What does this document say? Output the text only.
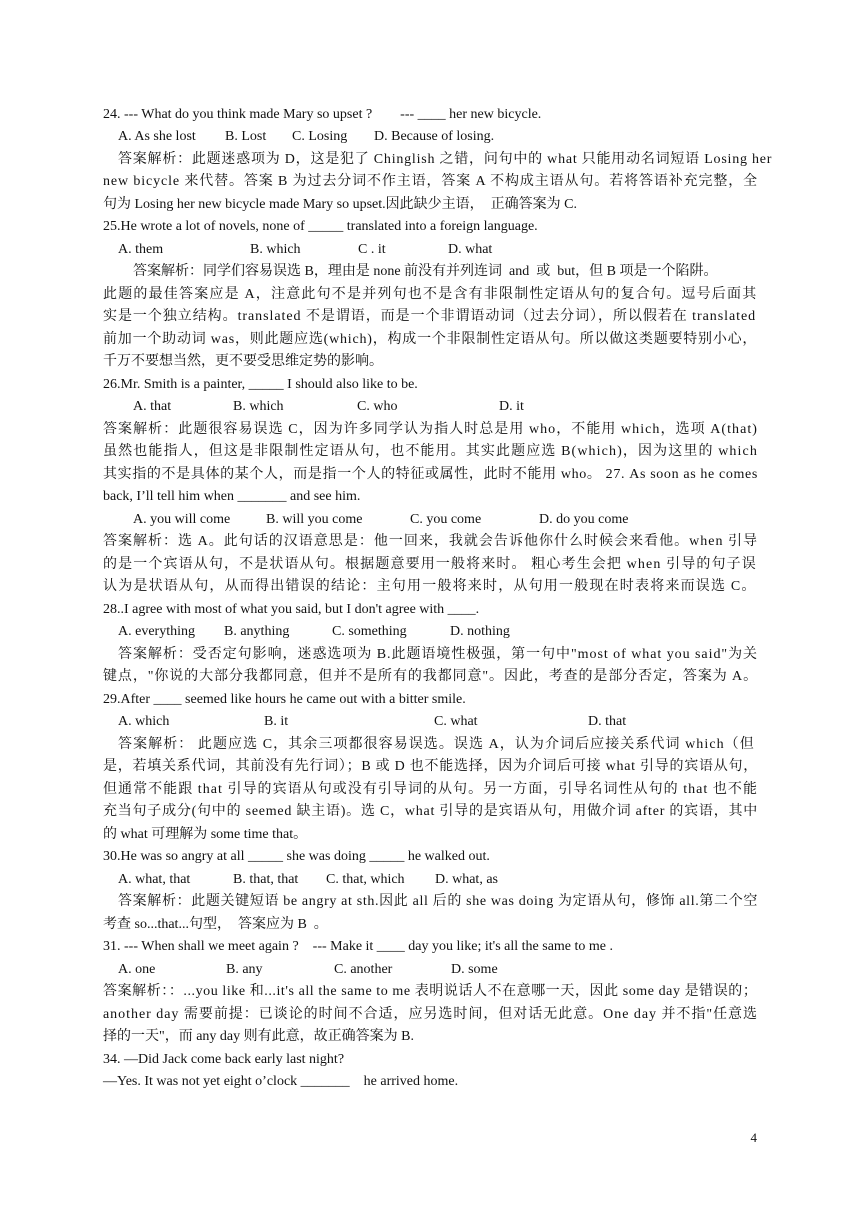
24. --- What do you think made Mary so upset ?        --- ____ her new bicycle.

A. As she lost

B. Lost

C. Losing

D. Because of losing.

答案解析：此题迷惑项为 D，这是犯了 Chinglish 之错，问句中的 what 只能用动名词短语 Losing her
new bicycle 来代替。答案 B 为过去分词不作主语，答案 A 不构成主语从句。若将答语补充完整，全
句为 Losing her new bicycle made Mary so upset.因此缺少主语，  正确答案为 C.
25.He wrote a lot of novels, none of _____ translated into a foreign language.

A. them

	B. which

	C . it

	D. what

答案解析：同学们容易误选 B，理由是 none 前没有并列连词  and  或  but，但 B 项是一个陷阱。
此题的最佳答案应是 A，注意此句不是并列句也不是含有非限制性定语从句的复合句。逗号后面其
实是一个独立结构。translated 不是谓语，而是一个非谓语动词（过去分词），所以假若在 translated
前加一个助动词 was，则此题应选(which)，构成一个非限制性定语从句。所以做这类题要特别小心，
千万不要想当然，更不要受思维定势的影响。
26.Mr. Smith is a painter, _____ I should also like to be.

A. that

	B. which

	C. who

	D. it

答案解析：此题很容易误选 C，因为许多同学认为指人时总是用 who，不能用 which，选项 A(that)
虽然也能指人，但这是非限制性定语从句，也不能用。其实此题应选 B(which)，因为这里的 which
其实指的不是具体的某个人，而是指一个人的特征或属性，此时不能用 who。 27. As soon as he comes
back, I’ll tell him when _______ and see him.

A. you will come

	B. will you come

	C. you come

	D. do you come

答案解析：选 A。此句话的汉语意思是：他一回来，我就会告诉他你什么时候会来看他。when 引导
的是一个宾语从句，不是状语从句。根据题意要用一般将来时。 粗心考生会把 when 引导的句子误
认为是状语从句，从而得出错误的结论：主句用一般将来时，从句用一般现在时表将来而误选 C。
28..I agree with most of what you said, but I don't agree with ____.

A. everything

B. anything

	C. something

	D. nothing

答案解析：受否定句影响，迷惑选项为 B.此题语境性极强，第一句中"most of what you said"为关
键点，"你说的大部分我都同意，但并不是所有的我都同意"。因此，考查的是部分否定，答案为 A。
29.After ____ seemed like hours he came out with a bitter smile.

A. which

	B. it

	C. what

	D. that

答案解析： 此题应选 C，其余三项都很容易误选。误选 A，认为介词后应接关系代词 which（但
是，若填关系代词，其前没有先行词）；B 或 D 也不能选择，因为介词后可接 what 引导的宾语从句，
但通常不能跟 that 引导的宾语从句或没有引导词的从句。另一方面，引导名词性从句的 that 也不能
充当句子成分(句中的 seemed 缺主语)。选 C，what 引导的是宾语从句，用做介词 after 的宾语，其中
的 what 可理解为 some time that。
30.He was so angry at all _____ she was doing _____ he walked out.

A. what, that

	B. that, that

C. that, which

D. what, as

答案解析：此题关键短语 be angry at sth.因此 all 后的 she was doing 为定语从句，修饰 all.第二个空
考查 so...that...句型，  答案应为 B  。
31. --- When shall we meet again ?    --- Make it ____ day you like; it's all the same to me .

A. one

	B. any

	C. another

	D. some

答案解析：：...you like 和...it's all the same to me 表明说话人不在意哪一天，因此 some day 是错误的；
another day 需要前提：已谈论的时间不合适，应另选时间，但对话无此意。One day 并不指"任意选
择的一天"，而 any day 则有此意，故正确答案为 B.
34. —Did Jack come back early last night?
—Yes. It was not yet eight o’clock _______    he arrived home.
4
